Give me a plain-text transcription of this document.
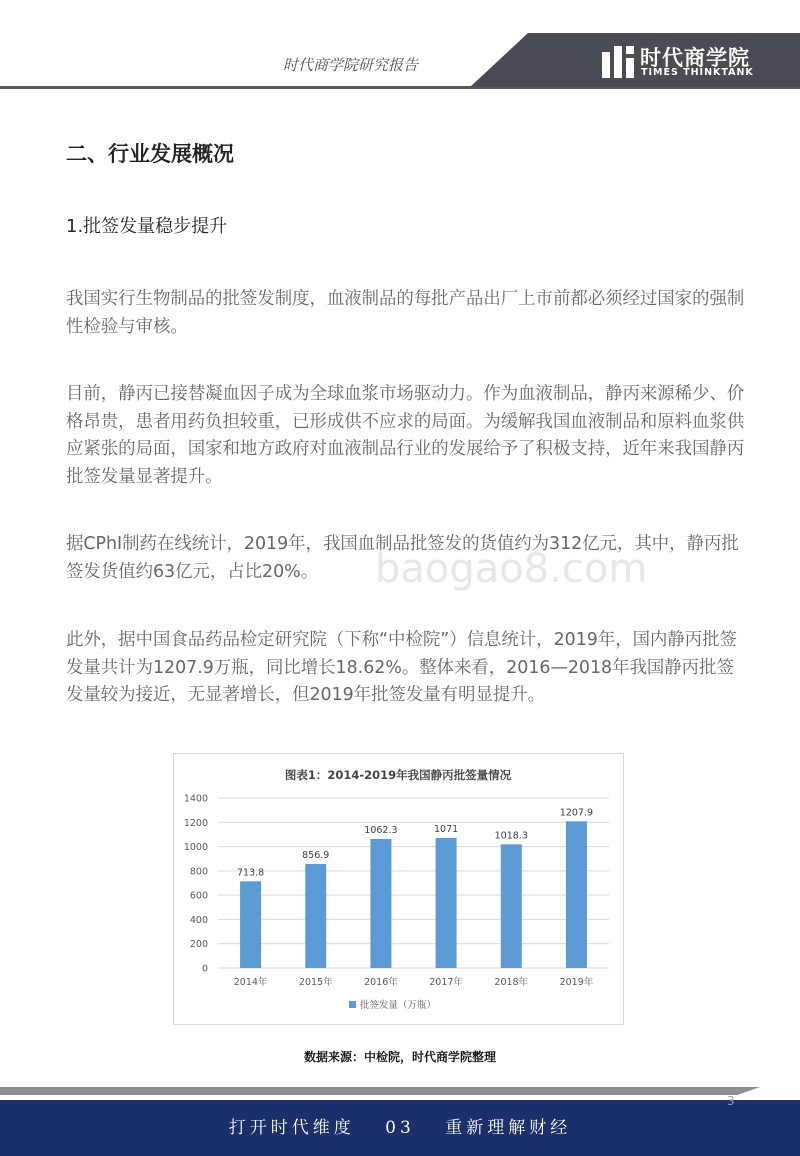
时代商学院研究报告	时代商学院
TIMES THINKTANK
二、行业发展概况
1.批签发量稳步提升

我国实行生物制品的批签发制度，血液制品的每批产品出厂上市前都必须经过国家的强制性检验与审核。

目前，静丙已接替凝血因子成为全球血浆市场驱动力。作为血液制品，静丙来源稀少、价格昂贵，患者用药负担较重，已形成供不应求的局面。为缓解我国血液制品和原料血浆供应紧张的局面，国家和地方政府对血液制品行业的发展给予了积极支持，近年来我国静丙批签发量显著提升。

据CPhI制药在线统计，2019年，我国血制品批签发的货值约为312亿元，其中，静丙批签发货值约63亿元，占比20%。	baogao8.com

此外，据中国食品药品检定研究院（下称“中检院”）信息统计，2019年，国内静丙批签发量共计为1207.9万瓶，同比增长18.62%。整体来看，2016—2018年我国静丙批签发量较为接近，无显著增长，但2019年批签发量有明显提升。

图表1：2014-2019年我国静丙批签量情况
0
200
400
600
800
1000
1200
1400
713.8
2014年
856.9
2015年
1062.3
2016年
1071
2017年
1018.3
2018年
1207.9
2019年
批签发量（万瓶）
数据来源：中检院，时代商学院整理
打开时代维度　 03　 重新理解财经
3
